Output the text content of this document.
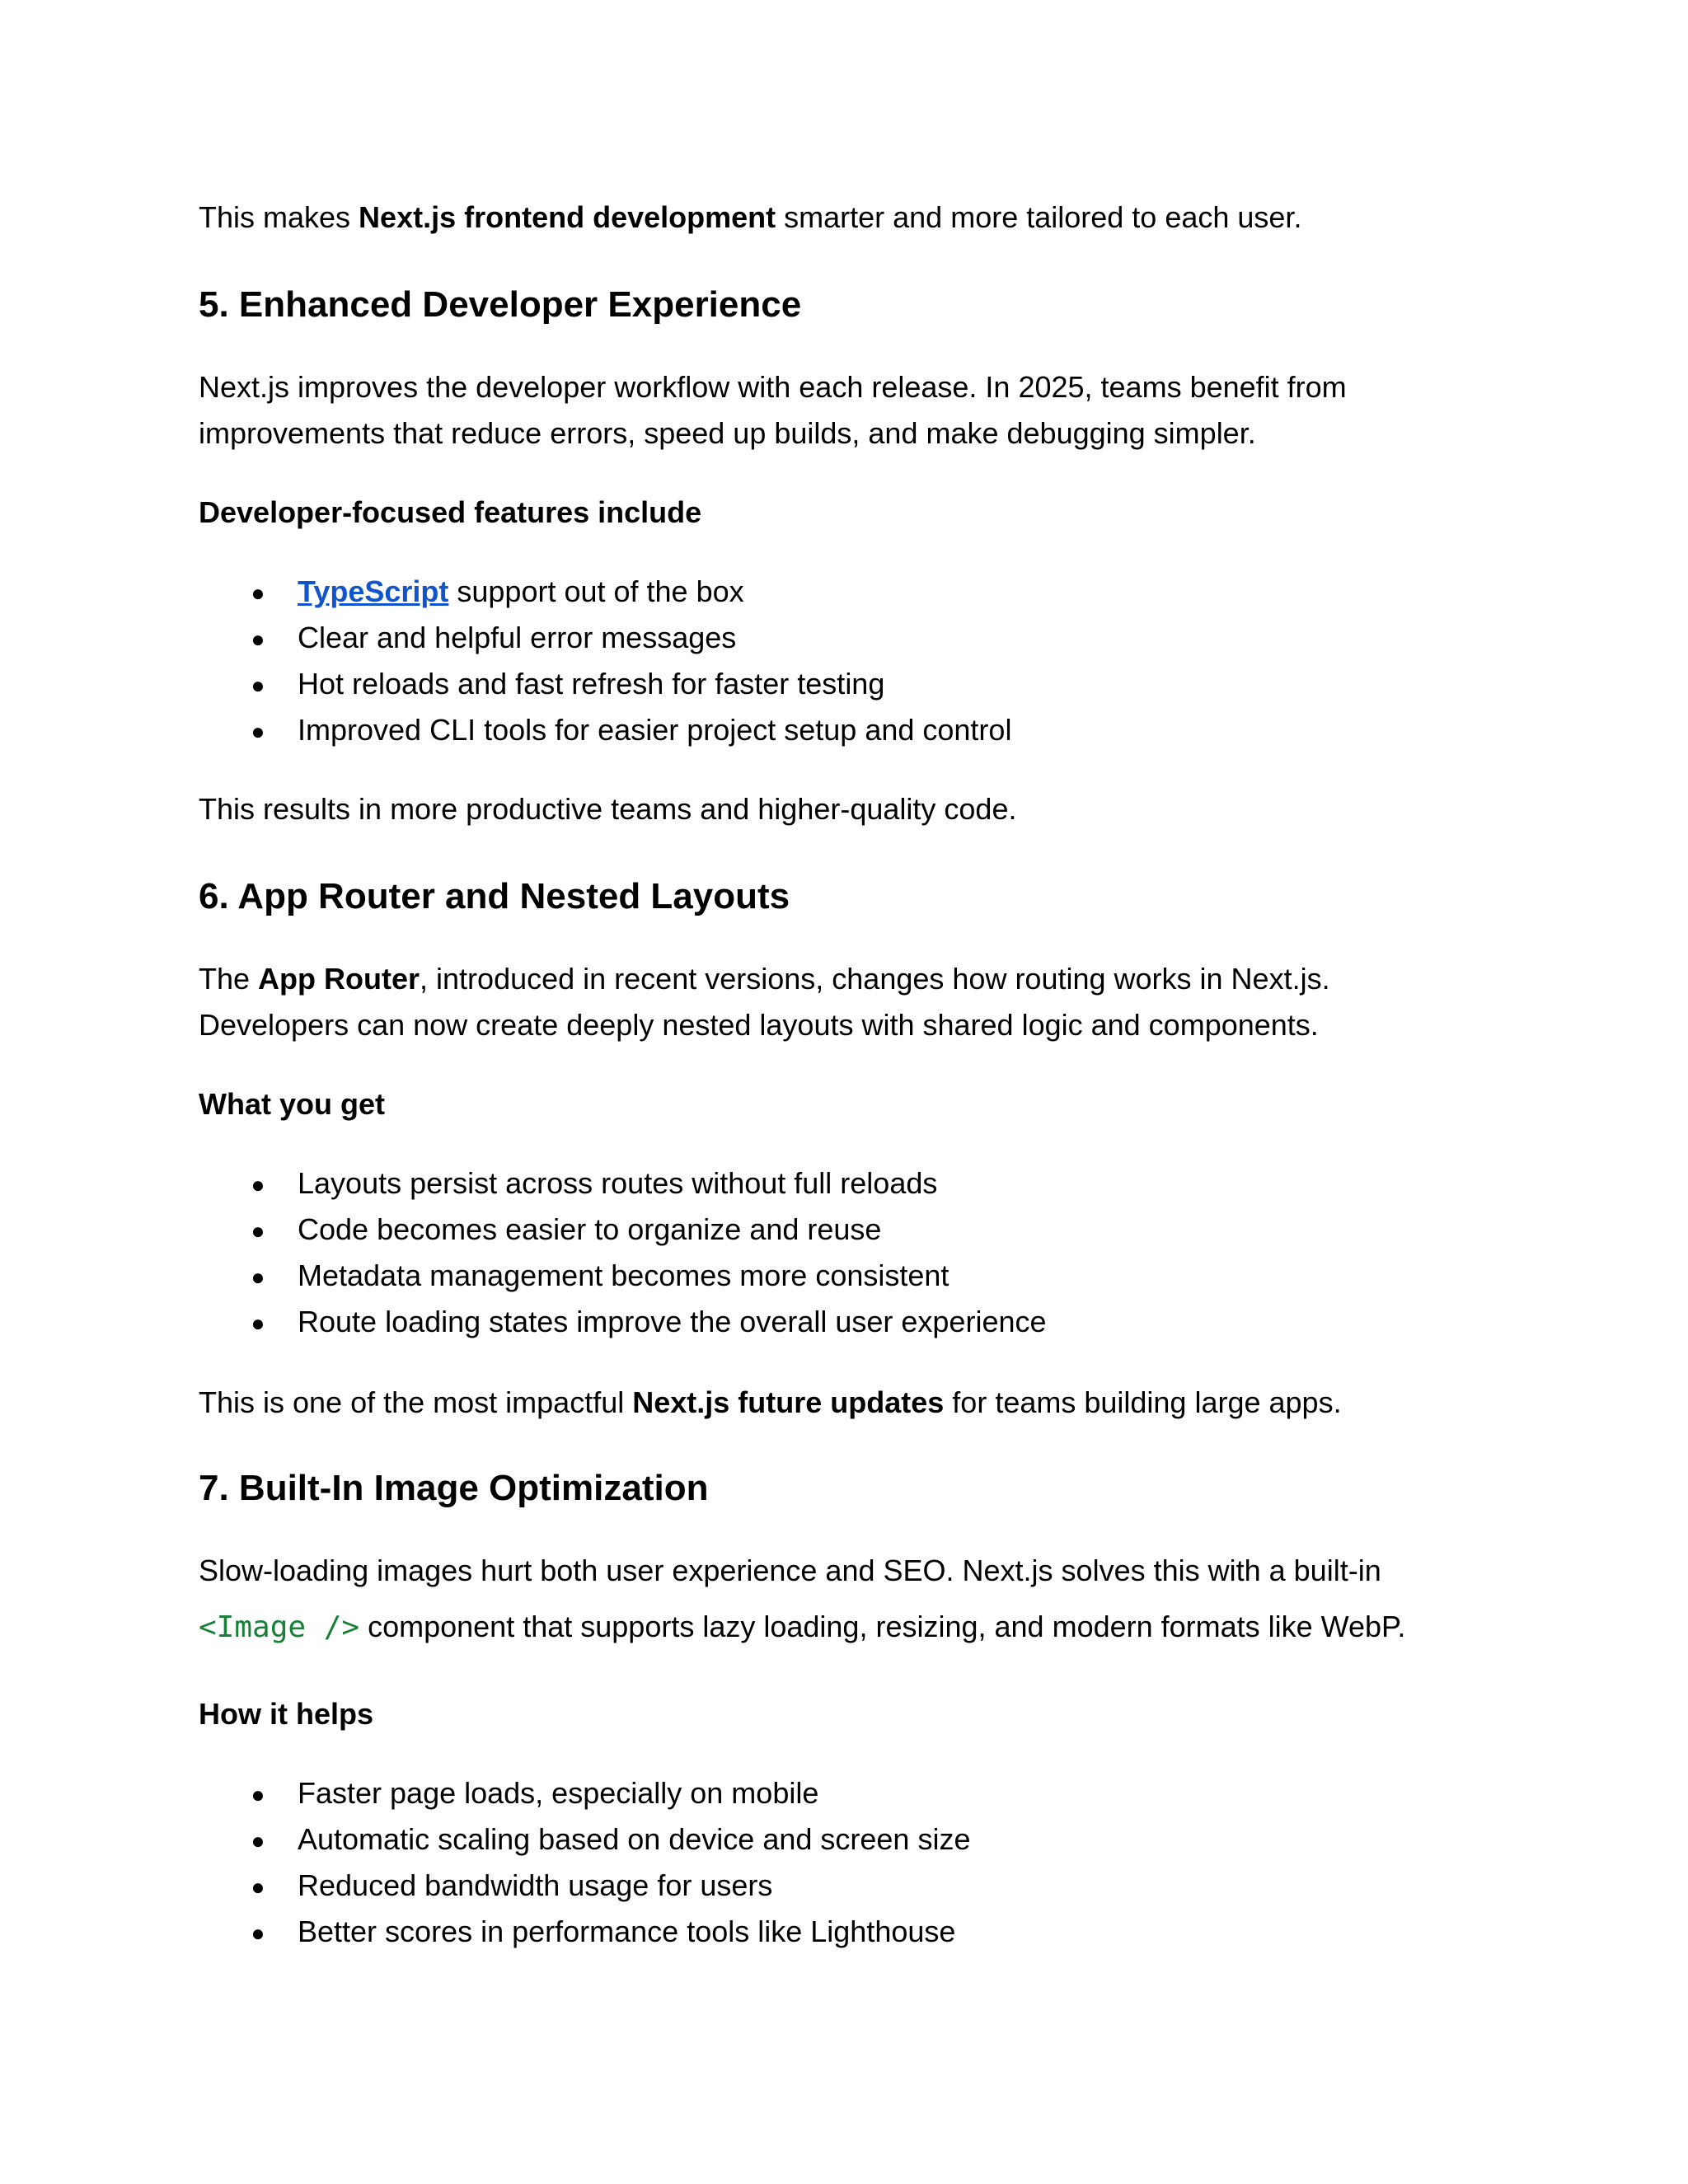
This makes Next.js frontend development smarter and more tailored to each user.

5. Enhanced Developer Experience

Next.js improves the developer workflow with each release. In 2025, teams benefit from

improvements that reduce errors, speed up builds, and make debugging simpler.

Developer-focused features include

● TypeScript support out of the box

● Clear and helpful error messages

● Hot reloads and fast refresh for faster testing

● Improved CLI tools for easier project setup and control

This results in more productive teams and higher-quality code.

6. App Router and Nested Layouts

The App Router, introduced in recent versions, changes how routing works in Next.js.

Developers can now create deeply nested layouts with shared logic and components.

What you get

● Layouts persist across routes without full reloads

● Code becomes easier to organize and reuse

● Metadata management becomes more consistent

● Route loading states improve the overall user experience

This is one of the most impactful Next.js future updates for teams building large apps.

7. Built-In Image Optimization

Slow-loading images hurt both user experience and SEO. Next.js solves this with a built-in

<Image /> component that supports lazy loading, resizing, and modern formats like WebP.

How it helps

● Faster page loads, especially on mobile

● Automatic scaling based on device and screen size

● Reduced bandwidth usage for users

● Better scores in performance tools like Lighthouse
